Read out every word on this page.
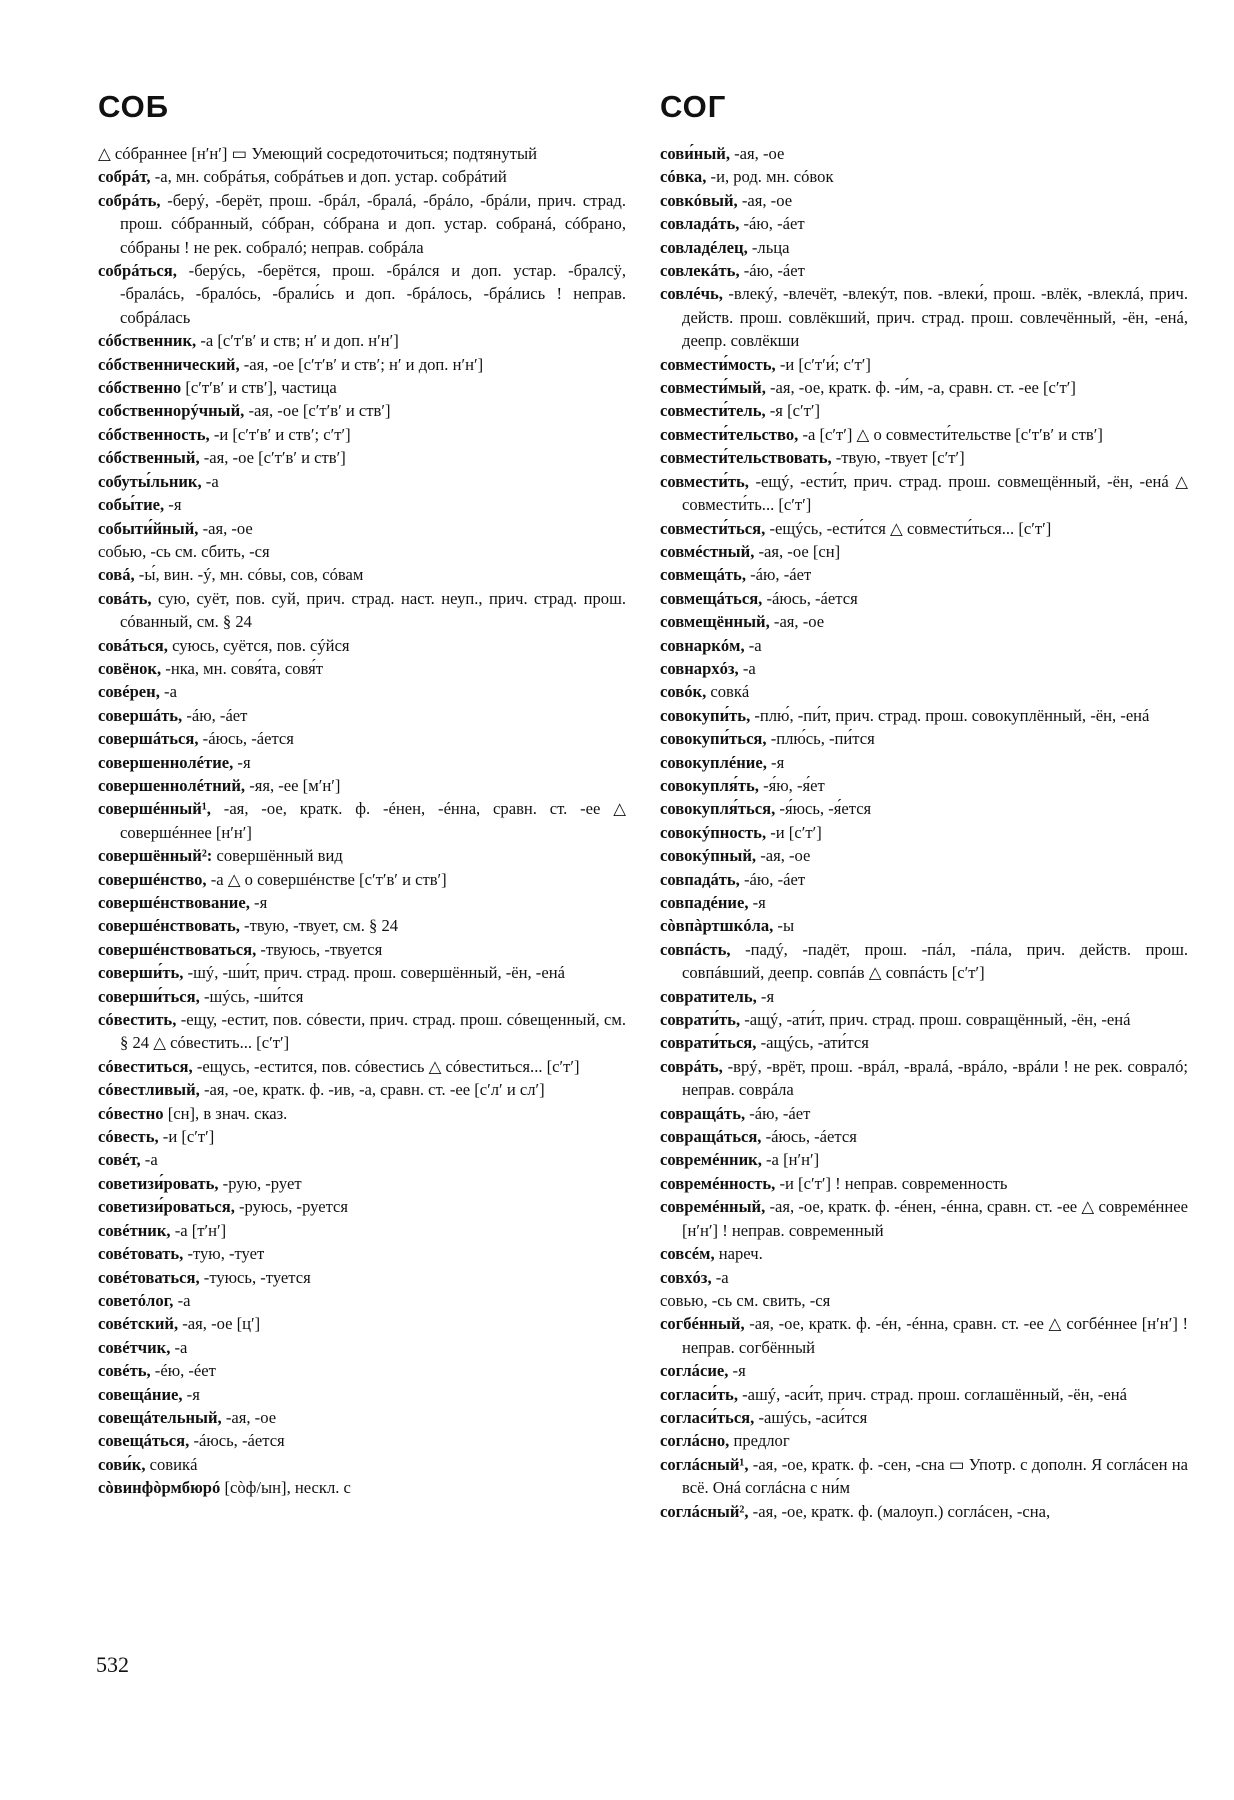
СОБ

△ сóбраннее [нʹнʹ] ▭ Умеющий сосредоточиться; подтянутый

собрáт, -а, мн. собрáтья, собрáтьев и доп. устар. собрáтий

собрáть, -берý, -берёт, прош. -брáл, -бралá, -брáло, -брáли, прич. страд. прош. сóбранный, сóбран, сóбрана и доп. устар. собранá, сóбрано, сóбраны ! не рек. собралó; неправ. собрáла

собрáться, -берýсь, -берётся, прош. -брáлся и доп. устар. -бралсÿ, -бралáсь, -бралóсь, -брали́сь и доп. -брáлось, -брáлись ! неправ. собрáлась

сóбственник, -а [сʹтʹвʹ и ств; нʹ и доп. нʹнʹ]

сóбственнический, -ая, -ое [сʹтʹвʹ и ствʹ; нʹ и доп. нʹнʹ]

сóбственно [сʹтʹвʹ и ствʹ], частица

собственнорýчный, -ая, -ое [сʹтʹвʹ и ствʹ]

сóбственность, -и [сʹтʹвʹ и ствʹ; сʹтʹ]

сóбственный, -ая, -ое [сʹтʹвʹ и ствʹ]

собуты́льник, -а

собы́тие, -я

событи́йный, -ая, -ое

собью, -сь см. сбить, -ся

совá, -ы́, вин. -ý, мн. сóвы, сов, сóвам

совáть, сую, суёт, пов. суй, прич. страд. наст. неуп., прич. страд. прош. сóванный, см. § 24

совáться, суюсь, суётся, пов. сýйся

совёнок, -нка, мн. совя́та, совя́т

совéрен, -а

совершáть, -áю, -áет

совершáться, -áюсь, -áется

совершеннолéтие, -я

совершеннолéтний, -яя, -ее [мʹнʹ]

совершéнный¹, -ая, -ое, кратк. ф. -éнен, -éнна, сравн. ст. -ее △ совершéннее [нʹнʹ]

совершённый²: совершённый вид

совершéнство, -а △ о совершéнстве [сʹтʹвʹ и ствʹ]

совершéнствование, -я

совершéнствовать, -твую, -твует, см. § 24

совершéнствоваться, -твуюсь, -твуется

соверши́ть, -шý, -ши́т, прич. страд. прош. совершённый, -ён, -енá

соверши́ться, -шýсь, -ши́тся

сóвестить, -ещу, -естит, пов. сóвести, прич. страд. прош. сóвещенный, см. § 24 △ сóвестить... [сʹтʹ]

сóвеститься, -ещусь, -естится, пов. сóвестись △ сóвеститься... [сʹтʹ]

сóвестливый, -ая, -ое, кратк. ф. -ив, -а, сравн. ст. -ее [сʹлʹ и слʹ]

сóвестно [сн], в знач. сказ.

сóвесть, -и [сʹтʹ]

совéт, -а

советизи́ровать, -рую, -рует

советизи́роваться, -руюсь, -руется

совéтник, -а [тʹнʹ]

совéтовать, -тую, -тует

совéтоваться, -туюсь, -туется

советóлог, -а

совéтский, -ая, -ое [цʹ]

совéтчик, -а

совéть, -éю, -éет

совещáние, -я

совещáтельный, -ая, -ое

совещáться, -áюсь, -áется

сови́к, совикá

сòвинфòрмбюрó [сòф/ын], нескл. с

СОГ

сови́ный, -ая, -ое

сóвка, -и, род. мн. сóвок

совкóвый, -ая, -ое

совладáть, -áю, -áет

совладéлец, -льца

совлекáть, -áю, -áет

совлéчь, -влекý, -влечёт, -влекýт, пов. -влеки́, прош. -влёк, -влеклá, прич. действ. прош. совлёкший, прич. страд. прош. совлечённый, -ён, -енá, деепр. совлёкши

совмести́мость, -и [сʹтʹи́; сʹтʹ]

совмести́мый, -ая, -ое, кратк. ф. -и́м, -а, сравн. ст. -ее [сʹтʹ]

совмести́тель, -я [сʹтʹ]

совмести́тельство, -а [сʹтʹ] △ о совмести́тельстве [сʹтʹвʹ и ствʹ]

совмести́тельствовать, -твую, -твует [сʹтʹ]

совмести́ть, -ещý, -ести́т, прич. страд. прош. совмещённый, -ён, -енá △ совмести́ть... [сʹтʹ]

совмести́ться, -ещýсь, -ести́тся △ совмести́ться... [сʹтʹ]

совмéстный, -ая, -ое [сн]

совмещáть, -áю, -áет

совмещáться, -áюсь, -áется

совмещённый, -ая, -ое

совнаркóм, -а

совнархóз, -а

совóк, совкá

совокупи́ть, -плю́, -пи́т, прич. страд. прош. совокуплённый, -ён, -енá

совокупи́ться, -плю́сь, -пи́тся

совокуплéние, -я

совокупля́ть, -я́ю, -я́ет

совокупля́ться, -я́юсь, -я́ется

совокýпность, -и [сʹтʹ]

совокýпный, -ая, -ое

совпадáть, -áю, -áет

совпадéние, -я

сòвпàртшкóла, -ы

совпáсть, -падý, -падёт, прош. -пáл, -пáла, прич. действ. прош. совпáвший, деепр. совпáв △ совпáсть [сʹтʹ]

совратитель, -я

соврати́ть, -ащý, -ати́т, прич. страд. прош. совращённый, -ён, -енá

соврати́ться, -ащýсь, -ати́тся

соврáть, -врý, -врёт, прош. -врáл, -вралá, -врáло, -врáли ! не рек. совралó; неправ. соврáла

совращáть, -áю, -áет

совращáться, -áюсь, -áется

совремéнник, -а [нʹнʹ]

совремéнность, -и [сʹтʹ] ! неправ. современность

совремéнный, -ая, -ое, кратк. ф. -éнен, -éнна, сравн. ст. -ее △ совремéннее [нʹнʹ] ! неправ. современный

совсéм, нареч.

совхóз, -а

совью, -сь см. свить, -ся

согбéнный, -ая, -ое, кратк. ф. -éн, -éнна, сравн. ст. -ее △ согбéннее [нʹнʹ] ! неправ. согбённый

соглáсие, -я

согласи́ть, -ашý, -аси́т, прич. страд. прош. соглашённый, -ён, -енá

согласи́ться, -ашýсь, -аси́тся

соглáсно, предлог

соглáсный¹, -ая, -ое, кратк. ф. -сен, -сна ▭ Употр. с дополн. Я соглáсен на всё. Онá соглáсна с ни́м

соглáсный², -ая, -ое, кратк. ф. (малоуп.) соглáсен, -сна,

532
